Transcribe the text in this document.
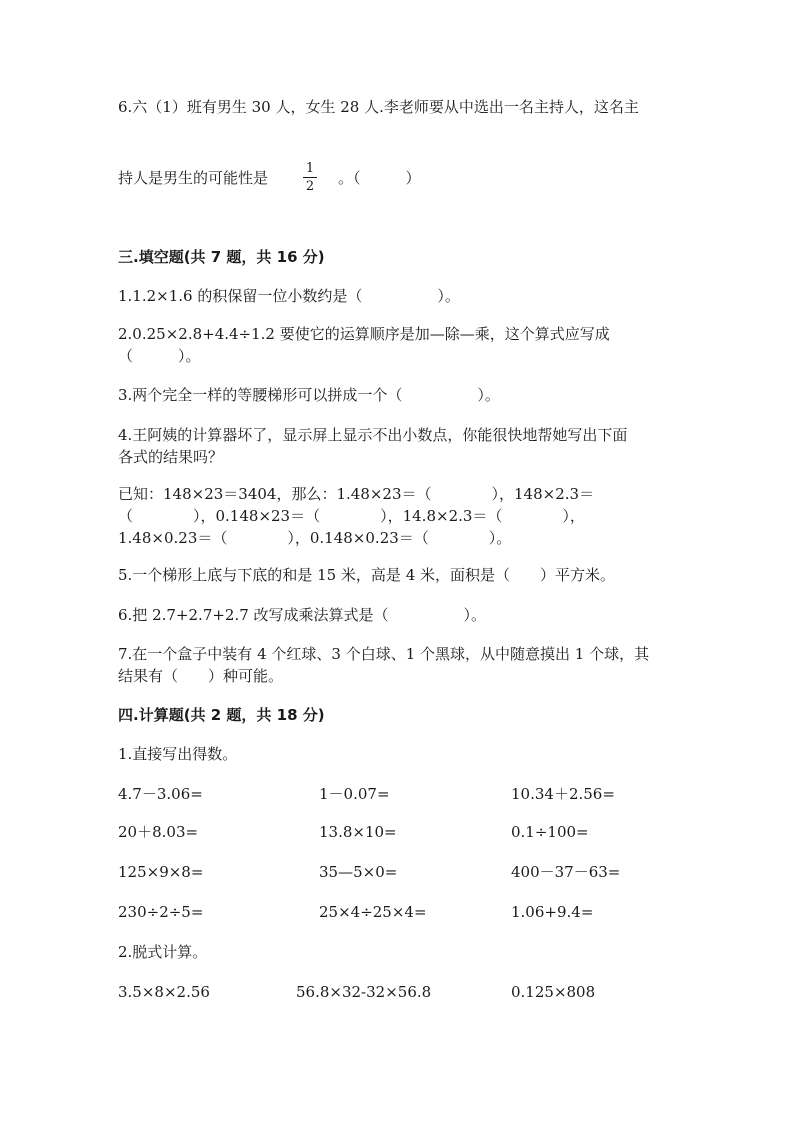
6.六（1）班有男生 30 人，女生 28 人.李老师要从中选出一名主持人，这名主
持人是男生的可能性是
1
2	。（　　　）
三.填空题(共 7 题，共 16 分)
1.1.2×1.6 的积保留一位小数约是（　　　　　）。
2.0.25×2.8+4.4÷1.2 要使它的运算顺序是加—除—乘，这个算式应写成
（　　　）。
3.两个完全一样的等腰梯形可以拼成一个（　　　　　）。
4.王阿姨的计算器坏了，显示屏上显示不出小数点，你能很快地帮她写出下面
各式的结果吗？
已知：148×23＝3404，那么：1.48×23＝（　　　　），148×2.3＝
（　　　　），0.148×23＝（　　　　），14.8×2.3＝（　　　　），
1.48×0.23＝（　　　　），0.148×0.23＝（　　　　）。
5.一个梯形上底与下底的和是 15 米，高是 4 米，面积是（　　）平方米。
6.把 2.7+2.7+2.7 改写成乘法算式是（　　　　　）。
7.在一个盒子中装有 4 个红球、3 个白球、1 个黑球，从中随意摸出 1 个球，其
结果有（　　）种可能。
四.计算题(共 2 题，共 18 分)
1.直接写出得数。
4.7－3.06=	1－0.07=	10.34＋2.56=
20＋8.03=	13.8×10=	0.1÷100=
125×9×8=	35—5×0=	400－37－63=
230÷2÷5=	25×4÷25×4=	1.06+9.4=
2.脱式计算。
3.5×8×2.56	56.8×32-32×56.8	0.125×808
